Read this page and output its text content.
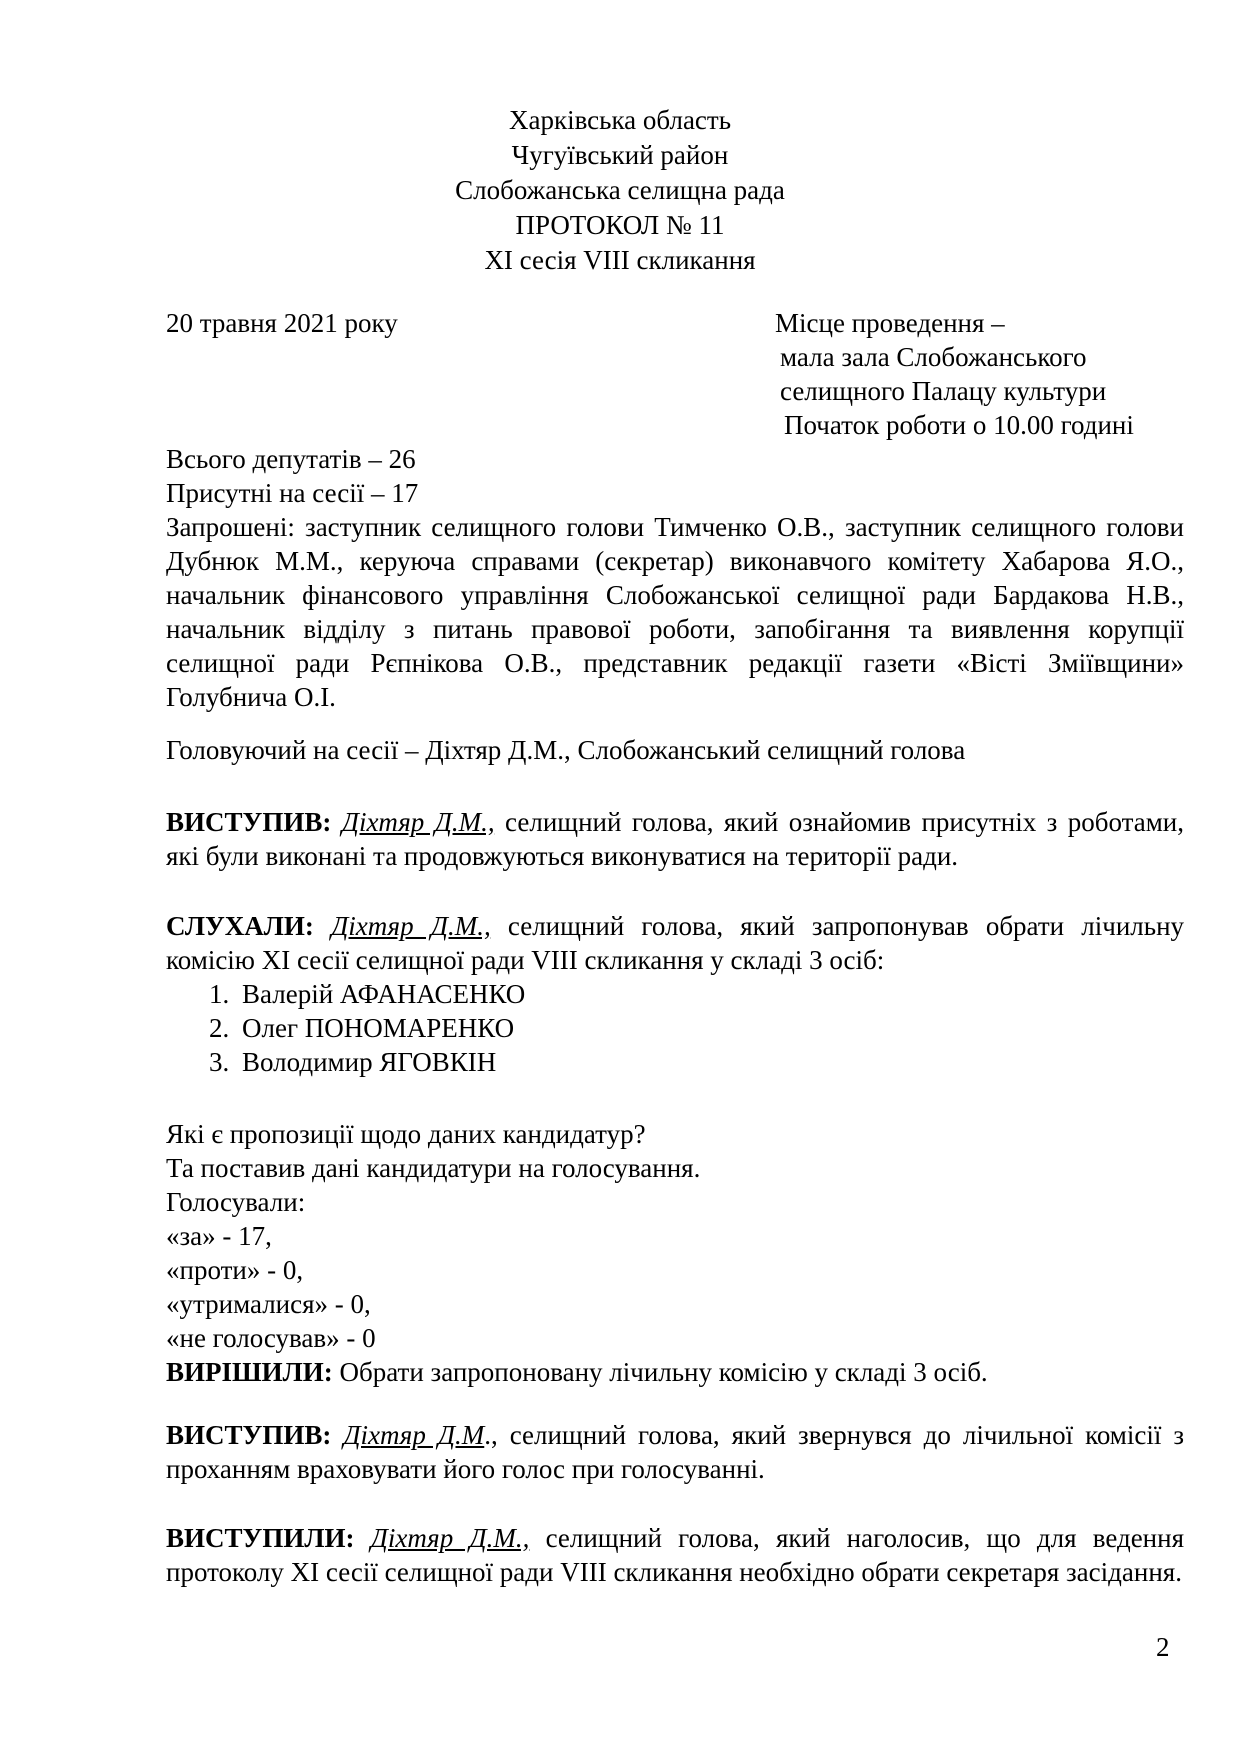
Харківська область
Чугуївський район
Слобожанська селищна рада
ПРОТОКОЛ № 11
XI сесія VIII скликання
20 травня 2021 року	Місце проведення –
мала зала Слобожанського
селищного Палацу культури
Початок роботи о 10.00 годині
Всього депутатів – 26
Присутні на сесії – 17
Запрошені: заступник селищного голови Тимченко О.В., заступник селищного голови Дубнюк М.М., керуюча справами (секретар) виконавчого комітету Хабарова Я.О., начальник фінансового управління Слобожанської селищної ради Бардакова Н.В., начальник відділу з питань правової роботи, запобігання та виявлення корупції селищної ради Рєпнікова О.В., представник редакції газети «Вісті Зміївщини» Голубнича О.І.
Головуючий на сесії – Діхтяр Д.М., Слобожанський селищний голова
ВИСТУПИВ: Діхтяр Д.М., селищний голова, який ознайомив присутніх з роботами, які були виконані та продовжуються виконуватися на території ради.
СЛУХАЛИ: Діхтяр Д.М., селищний голова, який запропонував обрати лічильну комісію XI сесії селищної ради VIII скликання у складі 3 осіб:
1. Валерій АФАНАСЕНКО
2. Олег ПОНОМАРЕНКО
3. Володимир ЯГОВКІН
Які є пропозиції щодо даних кандидатур?
Та поставив дані кандидатури на голосування.
Голосували:
«за» - 17,
«проти» - 0,
«утрималися» - 0,
«не голосував» - 0
ВИРІШИЛИ: Обрати запропоновану лічильну комісію у складі 3 осіб.
ВИСТУПИВ: Діхтяр Д.М., селищний голова, який звернувся до лічильної комісії з проханням враховувати його голос при голосуванні.
ВИСТУПИЛИ: Діхтяр Д.М., селищний голова, який наголосив, що для ведення протоколу XI сесії селищної ради VIII скликання необхідно обрати секретаря засідання.
2
